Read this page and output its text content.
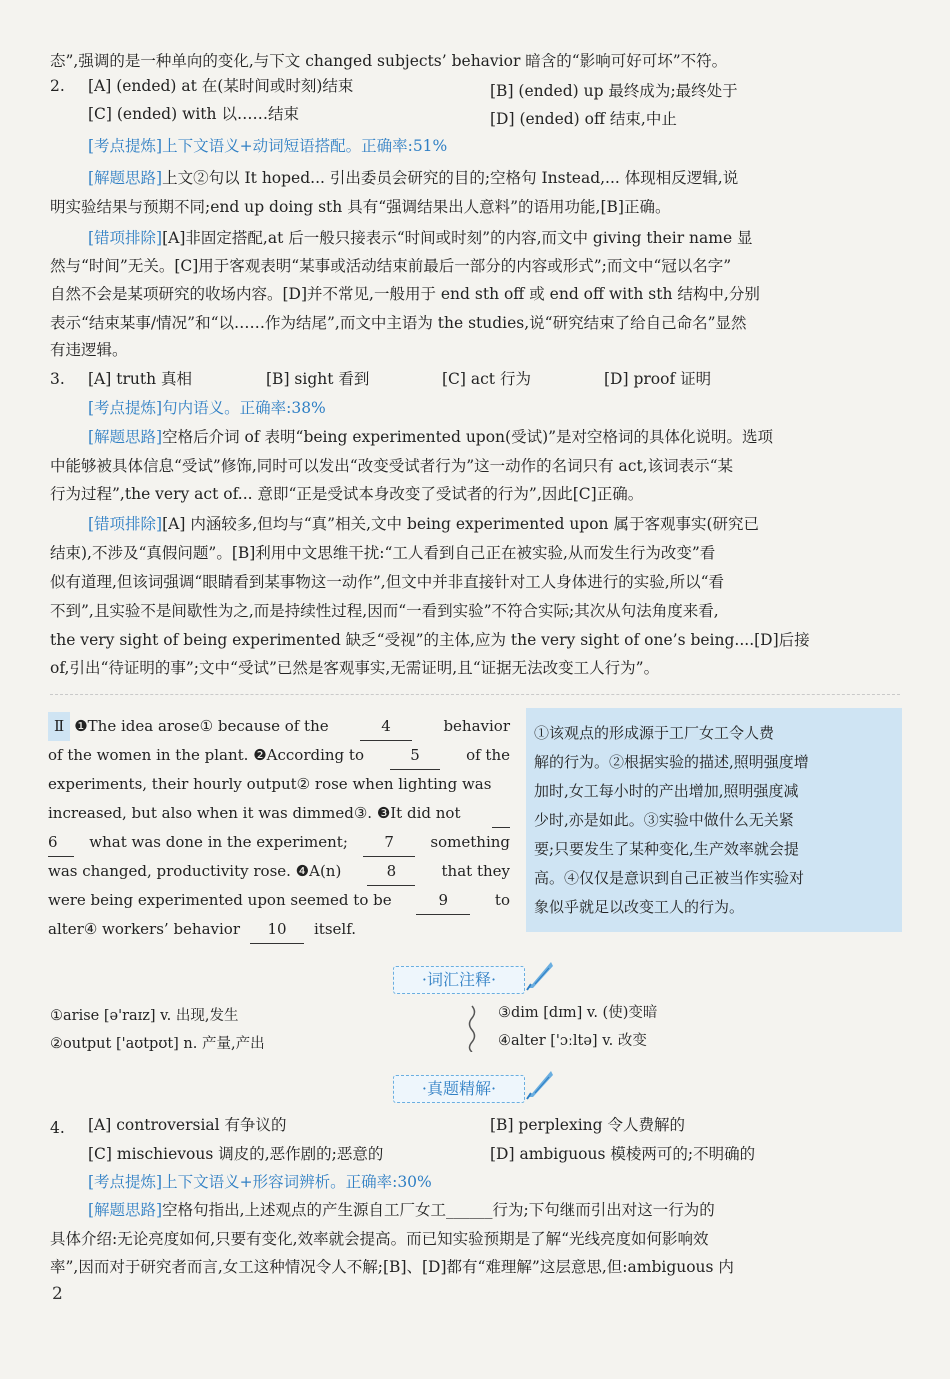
态”,强调的是一种单向的变化,与下文 changed subjects’ behavior 暗含的“影响可好可坏”不符。
2. [A] (ended) at 在(某时间或时刻)结束	[B] (ended) up 最终成为;最终处于
[C] (ended) with 以……结束	[D] (ended) off 结束,中止
[考点提炼]上下文语义+动词短语搭配。正确率:51%
[解题思路]上文②句以 It hoped... 引出委员会研究的目的;空格句 Instead,... 体现相反逻辑,说
明实验结果与预期不同;end up doing sth 具有“强调结果出人意料”的语用功能,[B]正确。
[错项排除][A]非固定搭配,at 后一般只接表示“时间或时刻”的内容,而文中 giving their name 显
然与“时间”无关。[C]用于客观表明“某事或活动结束前最后一部分的内容或形式”;而文中“冠以名字”
自然不会是某项研究的收场内容。[D]并不常见,一般用于 end sth off 或 end off with sth 结构中,分别
表示“结束某事/情况”和“以……作为结尾”,而文中主语为 the studies,说“研究结束了给自己命名”显然
有违逻辑。
3. [A] truth 真相	[B] sight 看到	[C] act 行为	[D] proof 证明
[考点提炼]句内语义。正确率:38%
[解题思路]空格后介词 of 表明“being experimented upon(受试)”是对空格词的具体化说明。选项
中能够被具体信息“受试”修饰,同时可以发出“改变受试者行为”这一动作的名词只有 act,该词表示“某
行为过程”,the very act of... 意即“正是受试本身改变了受试者的行为”,因此[C]正确。
[错项排除][A] 内涵较多,但均与“真”相关,文中 being experimented upon 属于客观事实(研究已
结束),不涉及“真假问题”。[B]利用中文思维干扰:“工人看到自己正在被实验,从而发生行为改变”看
似有道理,但该词强调“眼睛看到某事物这一动作”,但文中并非直接针对工人身体进行的实验,所以“看
不到”,且实验不是间歇性为之,而是持续性过程,因而“一看到实验”不符合实际;其次从句法角度来看,
the very sight of being experimented 缺乏“受视”的主体,应为 the very sight of one’s being....[D]后接
of,引出“待证明的事”;文中“受试”已然是客观事实,无需证明,且“证据无法改变工人行为”。
Ⅱ ❶The idea arose① because of the	4	behavior
of the women in the plant. ❷According to	5	of the
experiments, their hourly output② rose when lighting was
increased, but also when it was dimmed③. ❸It did not
6	what was done in the experiment;	7	something
was changed, productivity rose. ❹A(n)	8	that they
were being experimented upon seemed to be	9	to
alter④ workers’ behavior	10	itself.
①该观点的形成源于工厂女工令人费
解的行为。②根据实验的描述,照明强度增
加时,女工每小时的产出增加,照明强度减
少时,亦是如此。③实验中做什么无关紧
要;只要发生了某种变化,生产效率就会提
高。④仅仅是意识到自己正被当作实验对
象似乎就足以改变工人的行为。
·词汇注释·
①arise [ə'raɪz] v. 出现,发生	③dim [dɪm] v. (使)变暗
②output ['aʊtpʊt] n. 产量,产出	④alter ['ɔːltə] v. 改变
·真题精解·
4. [A] controversial 有争议的	[B] perplexing 令人费解的
[C] mischievous 调皮的,恶作剧的;恶意的	[D] ambiguous 模棱两可的;不明确的
[考点提炼]上下文语义+形容词辨析。正确率:30%
[解题思路]空格句指出,上述观点的产生源自工厂女工______行为;下句继而引出对这一行为的
具体介绍:无论亮度如何,只要有变化,效率就会提高。而已知实验预期是了解“光线亮度如何影响效
率”,因而对于研究者而言,女工这种情况令人不解;[B]、[D]都有“难理解”这层意思,但:ambiguous 内
2
